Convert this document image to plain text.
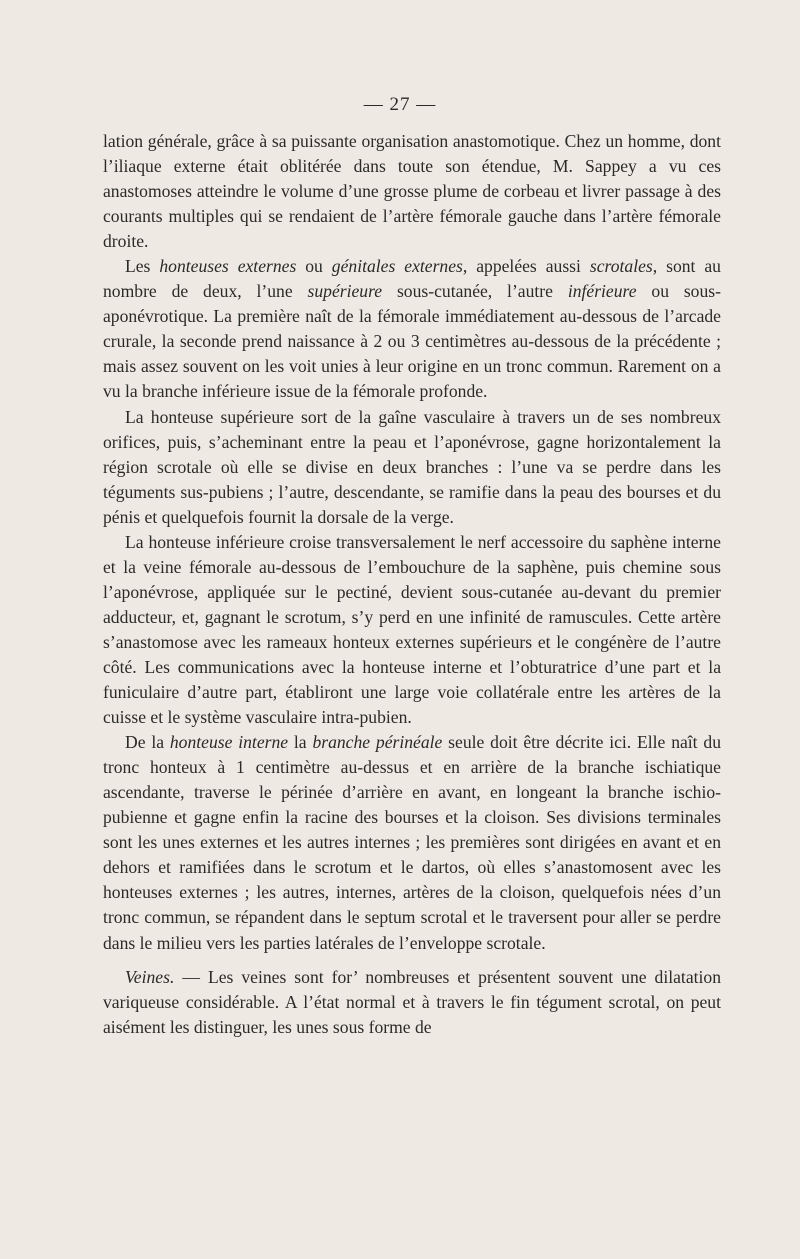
— 27 —

lation générale, grâce à sa puissante organisation anastomotique. Chez un homme, dont l’iliaque externe était oblitérée dans toute son étendue, M. Sappey a vu ces anastomoses atteindre le volume d’une grosse plume de corbeau et livrer passage à des courants multiples qui se rendaient de l’artère fémorale gauche dans l’artère fémorale droite.

Les honteuses externes ou génitales externes, appelées aussi scrotales, sont au nombre de deux, l’une supérieure sous-cutanée, l’autre inférieure ou sous-aponévrotique. La première naît de la fémorale immédiatement au-dessous de l’arcade crurale, la seconde prend naissance à 2 ou 3 centimètres au-dessous de la précédente ; mais assez souvent on les voit unies à leur origine en un tronc commun. Rarement on a vu la branche inférieure issue de la fémorale profonde.

La honteuse supérieure sort de la gaîne vasculaire à travers un de ses nombreux orifices, puis, s’acheminant entre la peau et l’aponévrose, gagne horizontalement la région scrotale où elle se divise en deux branches : l’une va se perdre dans les téguments sus-pubiens ; l’autre, descendante, se ramifie dans la peau des bourses et du pénis et quelquefois fournit la dorsale de la verge.

La honteuse inférieure croise transversalement le nerf accessoire du saphène interne et la veine fémorale au-dessous de l’embouchure de la saphène, puis chemine sous l’aponévrose, appliquée sur le pectiné, devient sous-cutanée au-devant du premier adducteur, et, gagnant le scrotum, s’y perd en une infinité de ramuscules. Cette artère s’anastomose avec les rameaux honteux externes supérieurs et le congénère de l’autre côté. Les communications avec la honteuse interne et l’obturatrice d’une part et la funiculaire d’autre part, établiront une large voie collatérale entre les artères de la cuisse et le système vasculaire intra-pubien.

De la honteuse interne la branche périnéale seule doit être décrite ici. Elle naît du tronc honteux à 1 centimètre au-dessus et en arrière de la branche ischiatique ascendante, traverse le périnée d’arrière en avant, en longeant la branche ischio-pubienne et gagne enfin la racine des bourses et la cloison. Ses divisions terminales sont les unes externes et les autres internes ; les premières sont dirigées en avant et en dehors et ramifiées dans le scrotum et le dartos, où elles s’anastomosent avec les honteuses externes ; les autres, internes, artères de la cloison, quelquefois nées d’un tronc commun, se répandent dans le septum scrotal et le traversent pour aller se perdre dans le milieu vers les parties latérales de l’enveloppe scrotale.

Veines. — Les veines sont for’ nombreuses et présentent souvent une dilatation variqueuse considérable. A l’état normal et à travers le fin tégument scrotal, on peut aisément les distinguer, les unes sous forme de
